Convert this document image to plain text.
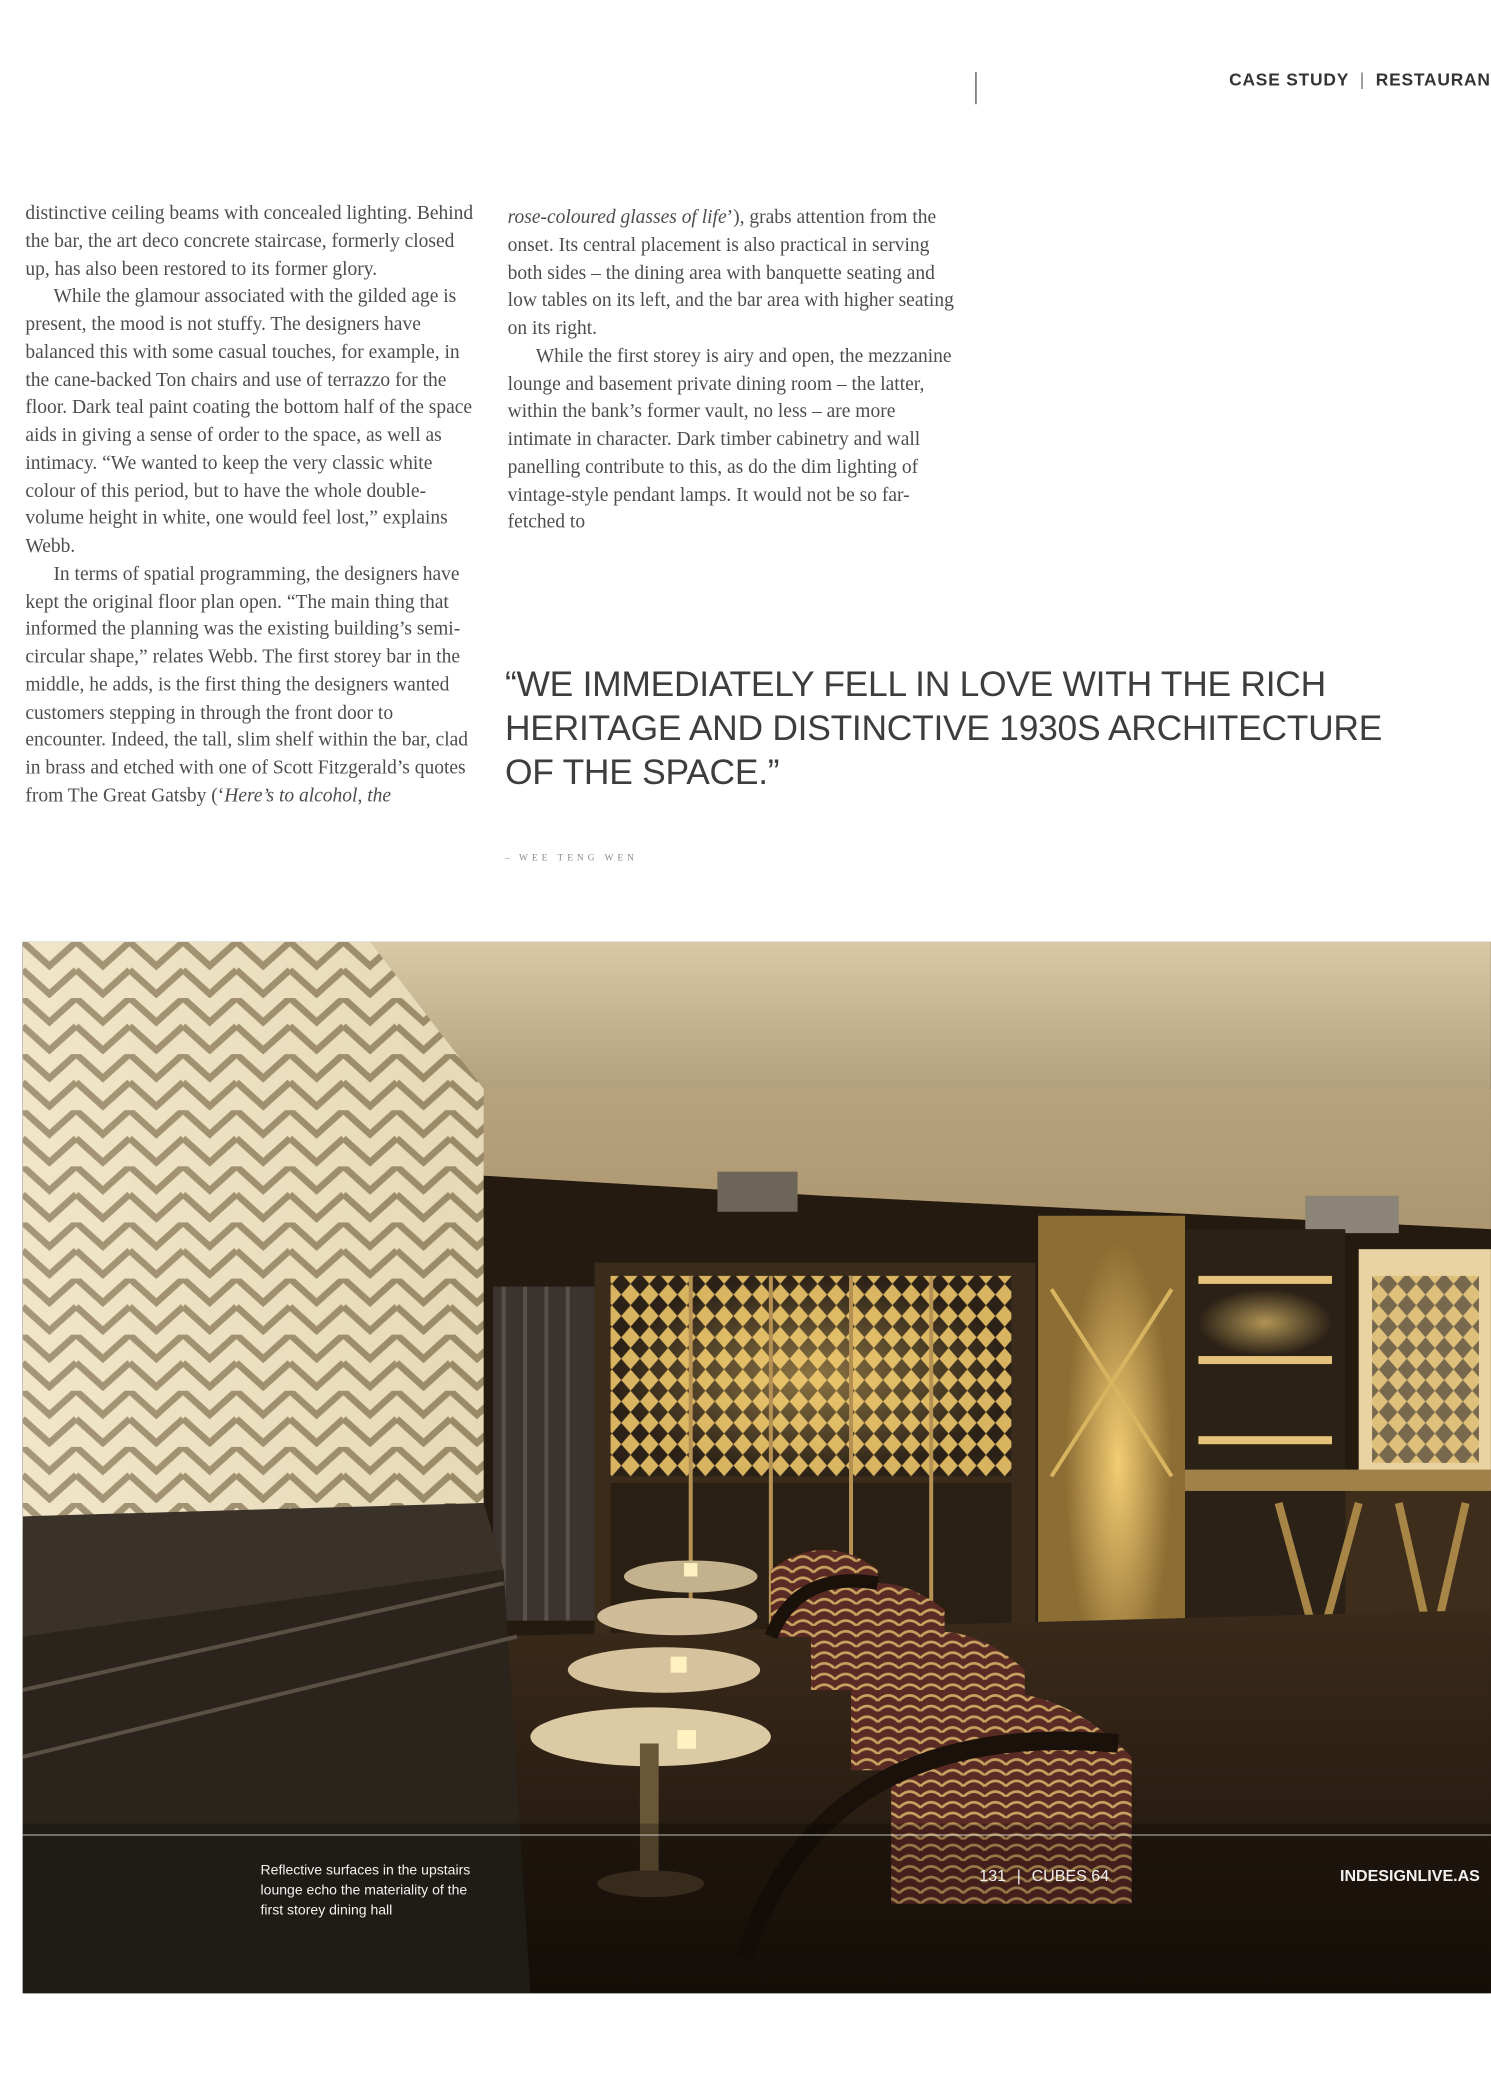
CASE STUDY | RESTAURAN

distinctive ceiling beams with concealed lighting. Behind the bar, the art deco concrete staircase, formerly closed up, has also been restored to its former glory.

While the glamour associated with the gilded age is present, the mood is not stuffy. The designers have balanced this with some casual touches, for example, in the cane-backed Ton chairs and use of terrazzo for the floor. Dark teal paint coating the bottom half of the space aids in giving a sense of order to the space, as well as intimacy. “We wanted to keep the very classic white colour of this period, but to have the whole double-volume height in white, one would feel lost,” explains Webb.

In terms of spatial programming, the designers have kept the original floor plan open. “The main thing that informed the planning was the existing building’s semi-circular shape,” relates Webb. The first storey bar in the middle, he adds, is the first thing the designers wanted customers stepping in through the front door to encounter. Indeed, the tall, slim shelf within the bar, clad in brass and etched with one of Scott Fitzgerald’s quotes from The Great Gatsby (‘Here’s to alcohol, the

rose-coloured glasses of life’), grabs attention from the onset. Its central placement is also practical in serving both sides – the dining area with banquette seating and low tables on its left, and the bar area with higher seating on its right.

While the first storey is airy and open, the mezzanine lounge and basement private dining room – the latter, within the bank’s former vault, no less – are more intimate in character. Dark timber cabinetry and wall panelling contribute to this, as do the dim lighting of vintage-style pendant lamps. It would not be so far-fetched to

“WE IMMEDIATELY FELL IN LOVE WITH THE RICH HERITAGE AND DISTINCTIVE 1930S ARCHITECTURE OF THE SPACE.”
– WEE TENG WEN
Reflective surfaces in the upstairs lounge echo the materiality of the first storey dining hall
131 | CUBES 64	INDESIGNLIVE.AS
